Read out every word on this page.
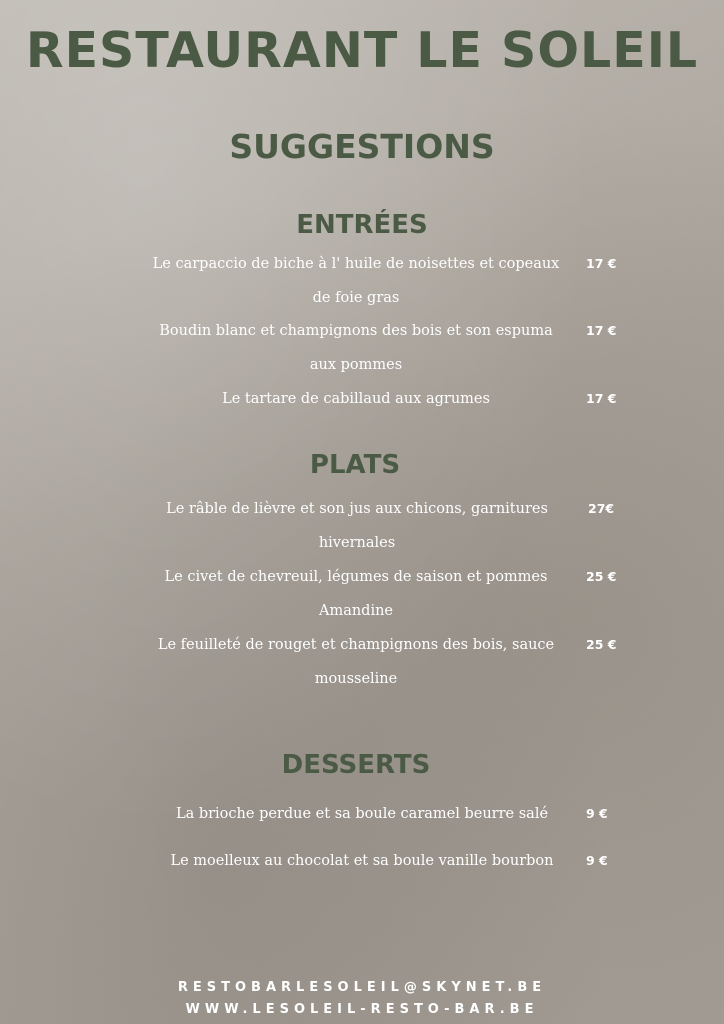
RESTAURANT LE SOLEIL
SUGGESTIONS
ENTRÉES
Le carpaccio de biche à l' huile de noisettes et copeaux de foie gras
17 €
Boudin blanc et champignons des bois et son espuma aux pommes
17 €
Le tartare de cabillaud aux agrumes	17 €
PLATS
Le râble de lièvre et son jus aux chicons, garnitures hivernales
27€
Le civet de chevreuil, légumes de saison et pommes Amandine
25 €
Le feuilleté de rouget et champignons des bois, sauce mousseline
25 €
DESSERTS
La brioche perdue et sa boule caramel beurre salé	9 €
Le moelleux au chocolat et sa boule vanille bourbon	9 €
RESTOBARLESOLEIL@SKYNET.BE
WWW.LESOLEIL-RESTO-BAR.BE
